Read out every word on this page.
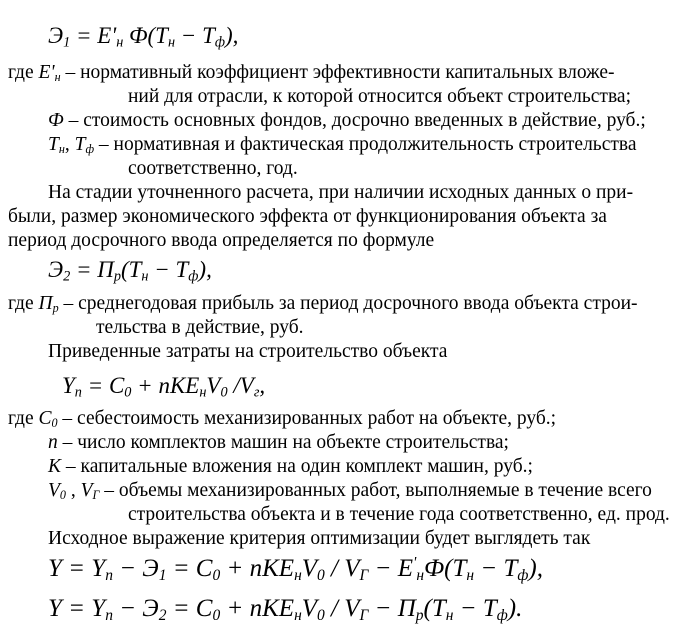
$Э_1 = E'_н$ $Ф(T_н - T_ф)$,
где $E'_н$ – нормативный коэффициент эффективности капитальных вложе-
ний для отрасли, к которой относится объект строительства;
Ф – стоимость основных фондов, досрочно введенных в действие, руб.;
$T_н$, $T_ф$ – нормативная и фактическая продолжительность строительства
соответственно, год.
На стадии уточненного расчета, при наличии исходных данных о при-
были, размер экономического эффекта от функционирования объекта за
период досрочного ввода определяется по формуле
$Э_2 = П_р(T_н - T_ф)$,
где $П_р$ – среднегодовая прибыль за период досрочного ввода объекта строи-
тельства в действие, руб.
Приведенные затраты на строительство объекта
$Y_п = C_0 + nKE_нV_0$ $/V_г$,
где $C_0$ – себестоимость механизированных работ на объекте, руб.;
n – число комплектов машин на объекте строительства;
K – капитальные вложения на один комплект машин, руб.;
$V_0$ , $V_Г$ – объемы механизированных работ, выполняемые в течение всего
строительства объекта и в течение года соответственно, ед. прод.
Исходное выражение критерия оптимизации будет выглядеть так
$Y = Y_п - Э_1 = C_0 + nKE_нV_0 / V_Г - E'_нФ(T_н - T_ф)$,
$Y = Y_п - Э_2 = C_0 + nKE_нV_0 / V_Г - П_р(T_н - T_ф)$.
